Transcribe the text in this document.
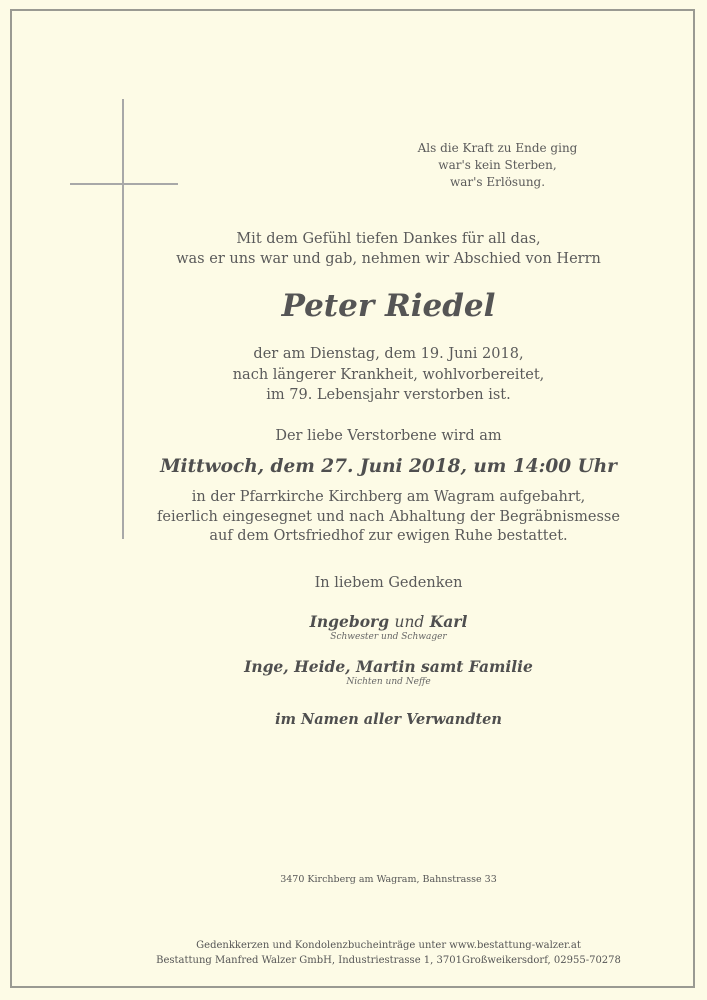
Als die Kraft zu Ende ging
war's kein Sterben,
war's Erlösung.
Mit dem Gefühl tiefen Dankes für all das,
was er uns war und gab, nehmen wir Abschied von Herrn
Peter Riedel
der am Dienstag, dem 19. Juni 2018,
nach längerer Krankheit, wohlvorbereitet,
im 79. Lebensjahr verstorben ist.
Der liebe Verstorbene wird am
Mittwoch, dem 27. Juni 2018, um 14:00 Uhr
in der Pfarrkirche Kirchberg am Wagram aufgebahrt,
feierlich eingesegnet und nach Abhaltung der Begräbnismesse
auf dem Ortsfriedhof zur ewigen Ruhe bestattet.
In liebem Gedenken
Ingeborg und Karl
Schwester und Schwager
Inge, Heide, Martin samt Familie
Nichten und Neffe
im Namen aller Verwandten
3470 Kirchberg am Wagram, Bahnstrasse 33
Gedenkkerzen und Kondolenzbucheinträge unter www.bestattung-walzer.at
Bestattung Manfred Walzer GmbH, Industriestrasse 1, 3701Großweikersdorf, 02955-70278
